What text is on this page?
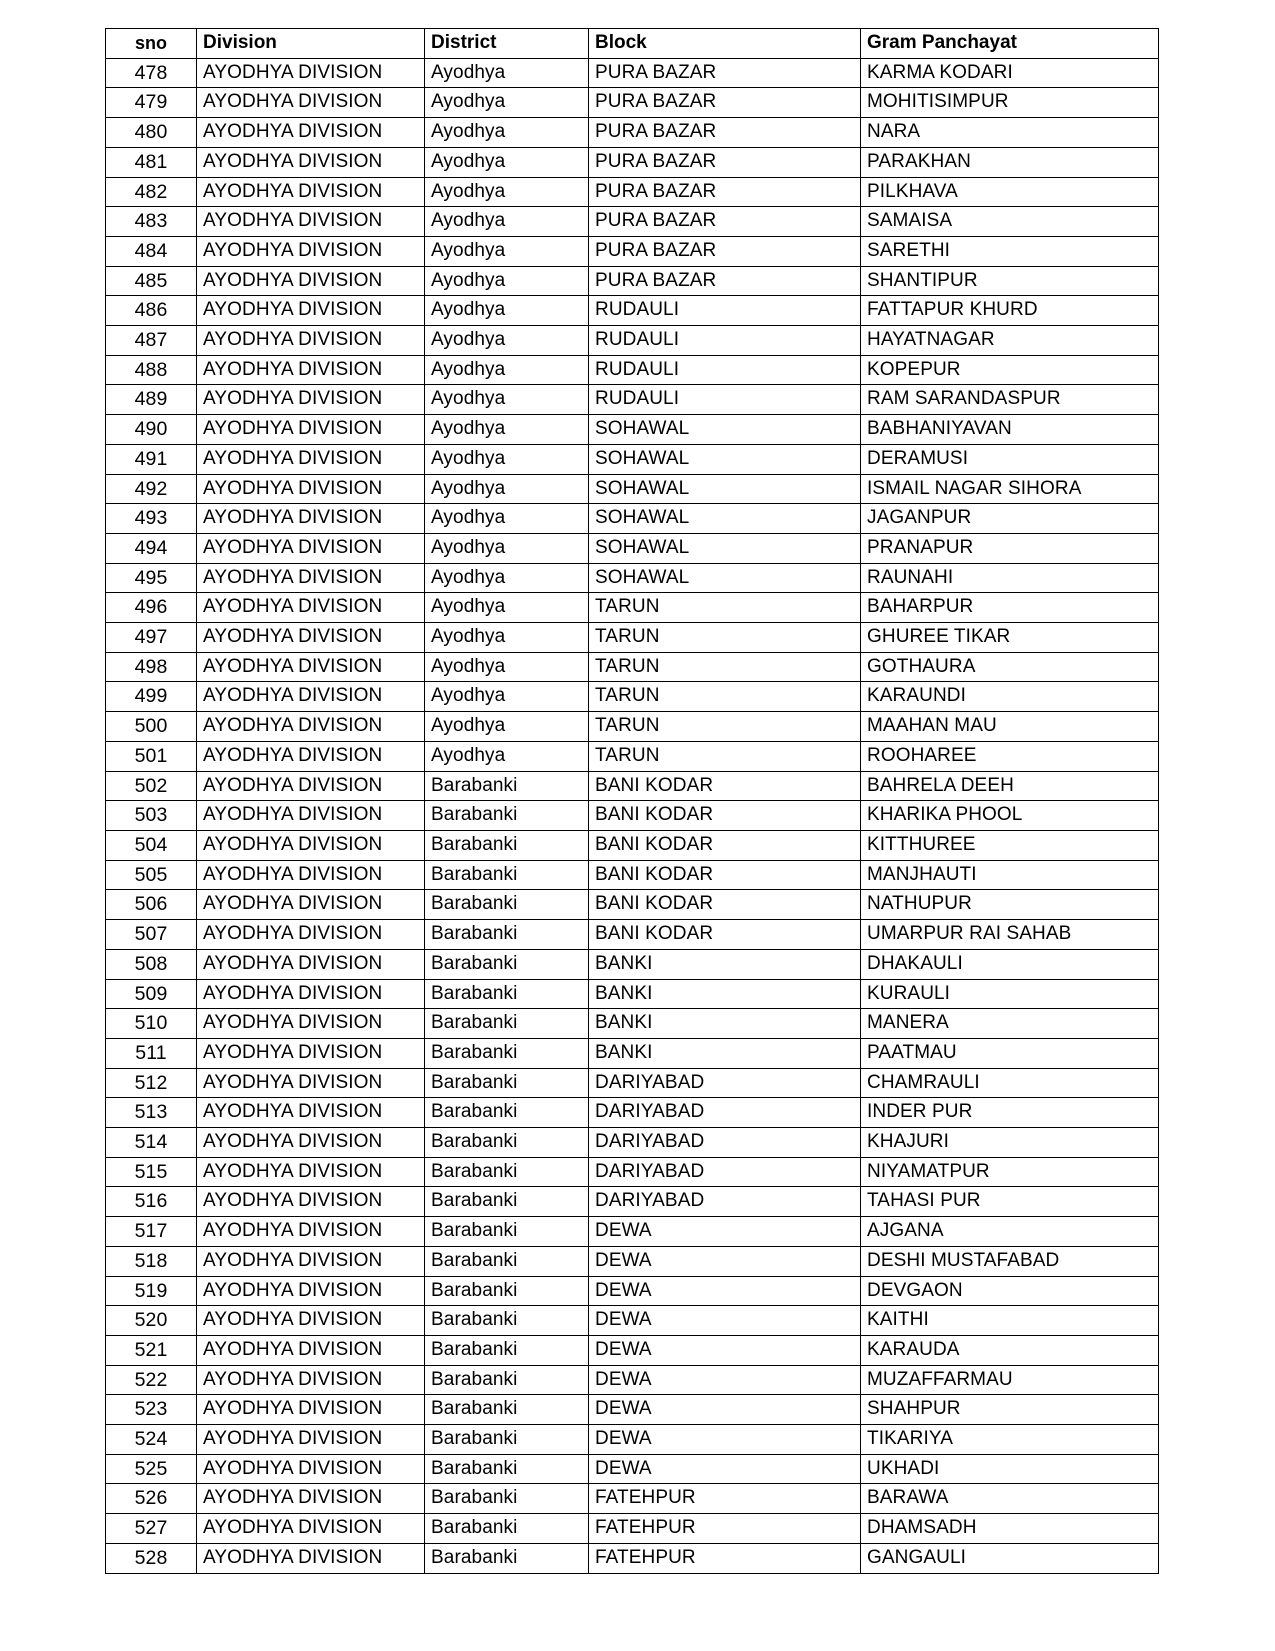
sno	Division	District	Block	Gram Panchayat
478	AYODHYA DIVISION	Ayodhya	PURA BAZAR	KARMA KODARI
479	AYODHYA DIVISION	Ayodhya	PURA BAZAR	MOHITISIMPUR
480	AYODHYA DIVISION	Ayodhya	PURA BAZAR	NARA
481	AYODHYA DIVISION	Ayodhya	PURA BAZAR	PARAKHAN
482	AYODHYA DIVISION	Ayodhya	PURA BAZAR	PILKHAVA
483	AYODHYA DIVISION	Ayodhya	PURA BAZAR	SAMAISA
484	AYODHYA DIVISION	Ayodhya	PURA BAZAR	SARETHI
485	AYODHYA DIVISION	Ayodhya	PURA BAZAR	SHANTIPUR
486	AYODHYA DIVISION	Ayodhya	RUDAULI	FATTAPUR KHURD
487	AYODHYA DIVISION	Ayodhya	RUDAULI	HAYATNAGAR
488	AYODHYA DIVISION	Ayodhya	RUDAULI	KOPEPUR
489	AYODHYA DIVISION	Ayodhya	RUDAULI	RAM SARANDASPUR
490	AYODHYA DIVISION	Ayodhya	SOHAWAL	BABHANIYAVAN
491	AYODHYA DIVISION	Ayodhya	SOHAWAL	DERAMUSI
492	AYODHYA DIVISION	Ayodhya	SOHAWAL	ISMAIL NAGAR SIHORA
493	AYODHYA DIVISION	Ayodhya	SOHAWAL	JAGANPUR
494	AYODHYA DIVISION	Ayodhya	SOHAWAL	PRANAPUR
495	AYODHYA DIVISION	Ayodhya	SOHAWAL	RAUNAHI
496	AYODHYA DIVISION	Ayodhya	TARUN	BAHARPUR
497	AYODHYA DIVISION	Ayodhya	TARUN	GHUREE TIKAR
498	AYODHYA DIVISION	Ayodhya	TARUN	GOTHAURA
499	AYODHYA DIVISION	Ayodhya	TARUN	KARAUNDI
500	AYODHYA DIVISION	Ayodhya	TARUN	MAAHAN MAU
501	AYODHYA DIVISION	Ayodhya	TARUN	ROOHAREE
502	AYODHYA DIVISION	Barabanki	BANI KODAR	BAHRELA DEEH
503	AYODHYA DIVISION	Barabanki	BANI KODAR	KHARIKA PHOOL
504	AYODHYA DIVISION	Barabanki	BANI KODAR	KITTHUREE
505	AYODHYA DIVISION	Barabanki	BANI KODAR	MANJHAUTI
506	AYODHYA DIVISION	Barabanki	BANI KODAR	NATHUPUR
507	AYODHYA DIVISION	Barabanki	BANI KODAR	UMARPUR RAI SAHAB
508	AYODHYA DIVISION	Barabanki	BANKI	DHAKAULI
509	AYODHYA DIVISION	Barabanki	BANKI	KURAULI
510	AYODHYA DIVISION	Barabanki	BANKI	MANERA
511	AYODHYA DIVISION	Barabanki	BANKI	PAATMAU
512	AYODHYA DIVISION	Barabanki	DARIYABAD	CHAMRAULI
513	AYODHYA DIVISION	Barabanki	DARIYABAD	INDER PUR
514	AYODHYA DIVISION	Barabanki	DARIYABAD	KHAJURI
515	AYODHYA DIVISION	Barabanki	DARIYABAD	NIYAMATPUR
516	AYODHYA DIVISION	Barabanki	DARIYABAD	TAHASI PUR
517	AYODHYA DIVISION	Barabanki	DEWA	AJGANA
518	AYODHYA DIVISION	Barabanki	DEWA	DESHI MUSTAFABAD
519	AYODHYA DIVISION	Barabanki	DEWA	DEVGAON
520	AYODHYA DIVISION	Barabanki	DEWA	KAITHI
521	AYODHYA DIVISION	Barabanki	DEWA	KARAUDA
522	AYODHYA DIVISION	Barabanki	DEWA	MUZAFFARMAU
523	AYODHYA DIVISION	Barabanki	DEWA	SHAHPUR
524	AYODHYA DIVISION	Barabanki	DEWA	TIKARIYA
525	AYODHYA DIVISION	Barabanki	DEWA	UKHADI
526	AYODHYA DIVISION	Barabanki	FATEHPUR	BARAWA
527	AYODHYA DIVISION	Barabanki	FATEHPUR	DHAMSADH
528	AYODHYA DIVISION	Barabanki	FATEHPUR	GANGAULI
